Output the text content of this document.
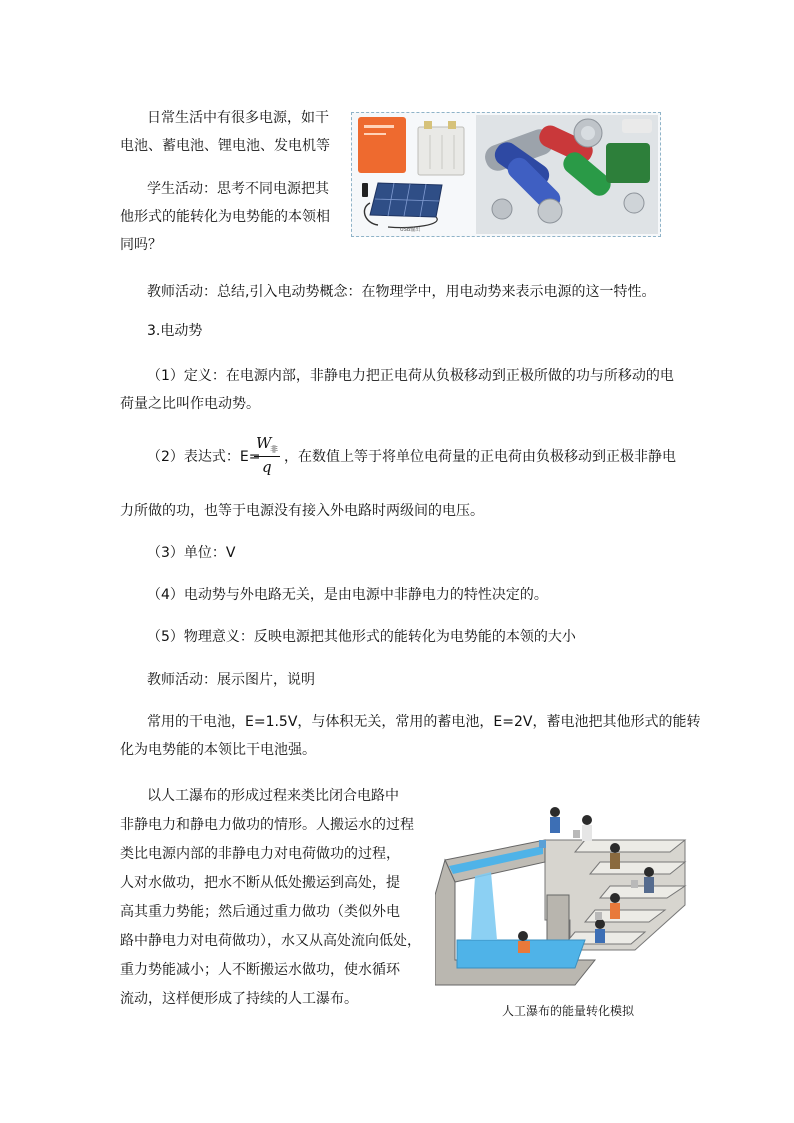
日常生活中有很多电源，如干
电池、蓄电池、锂电池、发电机等
学生活动：思考不同电源把其
他形式的能转化为电势能的本领相
同吗？
USB输出
教师活动：总结,引入电动势概念：在物理学中，用电动势来表示电源的这一特性。
3.电动势
（1）定义：在电源内部，非静电力把正电荷从负极移动到正极所做的功与所移动的电
荷量之比叫作电动势。
（2）表达式：E=
W
非
q
，在数值上等于将单位电荷量的正电荷由负极移动到正极非静电
力所做的功，也等于电源没有接入外电路时两级间的电压。
（3）单位：V
（4）电动势与外电路无关，是由电源中非静电力的特性决定的。
（5）物理意义：反映电源把其他形式的能转化为电势能的本领的大小
教师活动：展示图片，说明
常用的干电池，E=1.5V，与体积无关，常用的蓄电池，E=2V，蓄电池把其他形式的能转
化为电势能的本领比干电池强。
以人工瀑布的形成过程来类比闭合电路中
非静电力和静电力做功的情形。人搬运水的过程
类比电源内部的非静电力对电荷做功的过程，
人对水做功，把水不断从低处搬运到高处，提
高其重力势能；然后通过重力做功（类似外电
路中静电力对电荷做功），水又从高处流向低处，
重力势能减小；人不断搬运水做功，使水循环
流动，这样便形成了持续的人工瀑布。
人工瀑布的能量转化模拟
